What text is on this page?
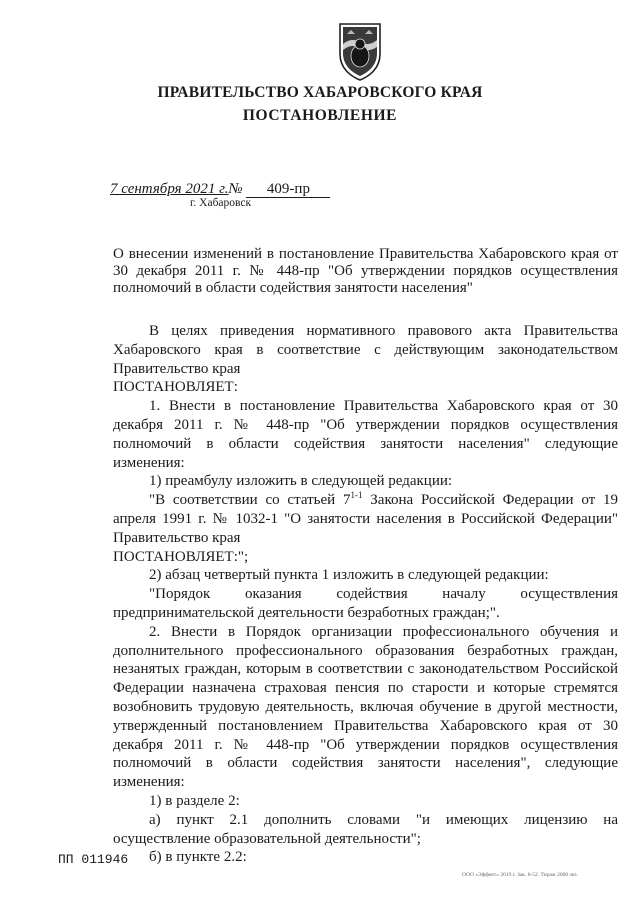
ПРАВИТЕЛЬСТВО ХАБАРОВСКОГО КРАЯ
ПОСТАНОВЛЕНИЕ
7 сентября 2021 г.№ 409-пр
г. Хабаровск
О внесении изменений в постановление Правительства Хабаровского края от 30 декабря 2011 г. № 448-пр "Об утверждении порядков осуществления полномочий в области содействия занятости населения"

В целях приведения нормативного правового акта Правительства Хабаровского края в соответствие с действующим законодательством Правительство края

ПОСТАНОВЛЯЕТ:

1. Внести в постановление Правительства Хабаровского края от 30 декабря 2011 г. № 448-пр "Об утверждении порядков осуществления полномочий в области содействия занятости населения" следующие изменения:

1) преамбулу изложить в следующей редакции:

"В соответствии со статьей 7$^{1-1}$ Закона Российской Федерации от 19 апреля 1991 г. № 1032-1 "О занятости населения в Российской Федерации" Правительство края

ПОСТАНОВЛЯЕТ:";

2) абзац четвертый пункта 1 изложить в следующей редакции:

"Порядок оказания содействия началу осуществления предпринимательской деятельности безработных граждан;".

2. Внести в Порядок организации профессионального обучения и дополнительного профессионального образования безработных граждан, незанятых граждан, которым в соответствии с законодательством Российской Федерации назначена страховая пенсия по старости и которые стремятся возобновить трудовую деятельность, включая обучение в другой местности, утвержденный постановлением Правительства Хабаровского края от 30 декабря 2011 г. № 448-пр "Об утверждении порядков осуществления полномочий в области содействия занятости населения", следующие изменения:

1) в разделе 2:

а) пункт 2.1 дополнить словами "и имеющих лицензию на осуществление образовательной деятельности";

б) в пункте 2.2:

ПП 011946
ООО «Эффект» 2019 г. Зак. 8-52. Тираж 2000 экз.
